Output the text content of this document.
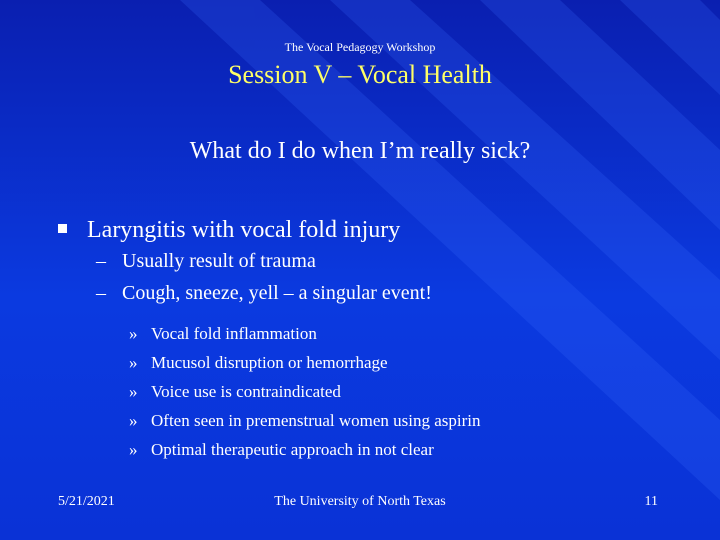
The Vocal Pedagogy Workshop
Session V – Vocal Health
What do I do when I’m really sick?
Laryngitis with vocal fold injury
– Usually result of trauma
– Cough, sneeze, yell – a singular event!
» Vocal fold inflammation
» Mucusol disruption or hemorrhage
» Voice use is contraindicated
» Often seen in premenstrual women using aspirin
» Optimal therapeutic approach in not clear
5/21/2021	The University of North Texas	11
